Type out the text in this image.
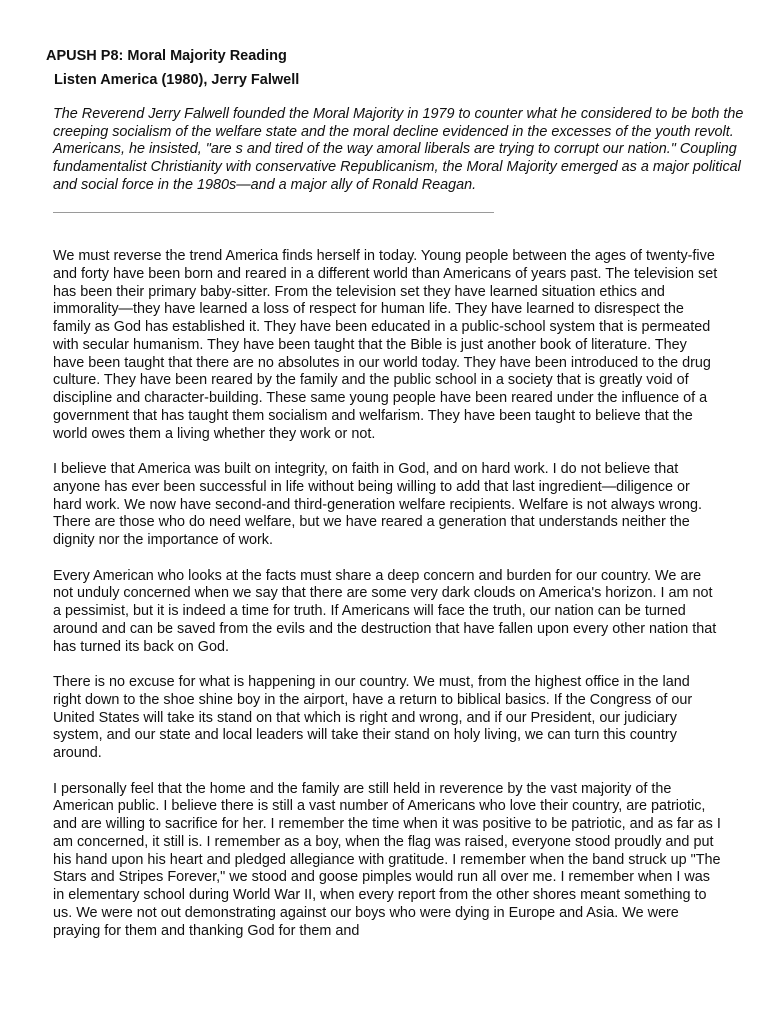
APUSH P8: Moral Majority Reading
Listen America (1980), Jerry Falwell
The Reverend Jerry Falwell founded the Moral Majority in 1979 to counter what he considered to be both the creeping socialism of the welfare state and the moral decline evidenced in the excesses of the youth revolt. Americans, he insisted, "are s and tired of the way amoral liberals are trying to corrupt our nation." Coupling fundamentalist Christianity with conservative Republicanism, the Moral Majority emerged as a major political and social force in the 1980s—and a major ally of Ronald Reagan.

We must reverse the trend America finds herself in today. Young people between the ages of twenty-five and forty have been born and reared in a different world than Americans of years past. The television set has been their primary baby-sitter. From the television set they have learned situation ethics and immorality—they have learned a loss of respect for human life. They have learned to disrespect the family as God has established it. They have been educated in a public-school system that is permeated with secular humanism. They have been taught that the Bible is just another book of literature. They have been taught that there are no absolutes in our world today. They have been introduced to the drug culture. They have been reared by the family and the public school in a society that is greatly void of discipline and character-building. These same young people have been reared under the influence of a government that has taught them socialism and welfarism. They have been taught to believe that the world owes them a living whether they work or not.

I believe that America was built on integrity, on faith in God, and on hard work. I do not believe that anyone has ever been successful in life without being willing to add that last ingredient—diligence or hard work. We now have second-and third-generation welfare recipients. Welfare is not always wrong. There are those who do need welfare, but we have reared a generation that understands neither the dignity nor the importance of work.

Every American who looks at the facts must share a deep concern and burden for our country. We are not unduly concerned when we say that there are some very dark clouds on America's horizon. I am not a pessimist, but it is indeed a time for truth. If Americans will face the truth, our nation can be turned around and can be saved from the evils and the destruction that have fallen upon every other nation that has turned its back on God.

There is no excuse for what is happening in our country. We must, from the highest office in the land right down to the shoe shine boy in the airport, have a return to biblical basics. If the Congress of our United States will take its stand on that which is right and wrong, and if our President, our judiciary system, and our state and local leaders will take their stand on holy living, we can turn this country around.

I personally feel that the home and the family are still held in reverence by the vast majority of the American public. I believe there is still a vast number of Americans who love their country, are patriotic, and are willing to sacrifice for her. I remember the time when it was positive to be patriotic, and as far as I am concerned, it still is. I remember as a boy, when the flag was raised, everyone stood proudly and put his hand upon his heart and pledged allegiance with gratitude. I remember when the band struck up "The Stars and Stripes Forever," we stood and goose pimples would run all over me. I remember when I was in elementary school during World War II, when every report from the other shores meant something to us. We were not out demonstrating against our boys who were dying in Europe and Asia. We were praying for them and thanking God for them and
